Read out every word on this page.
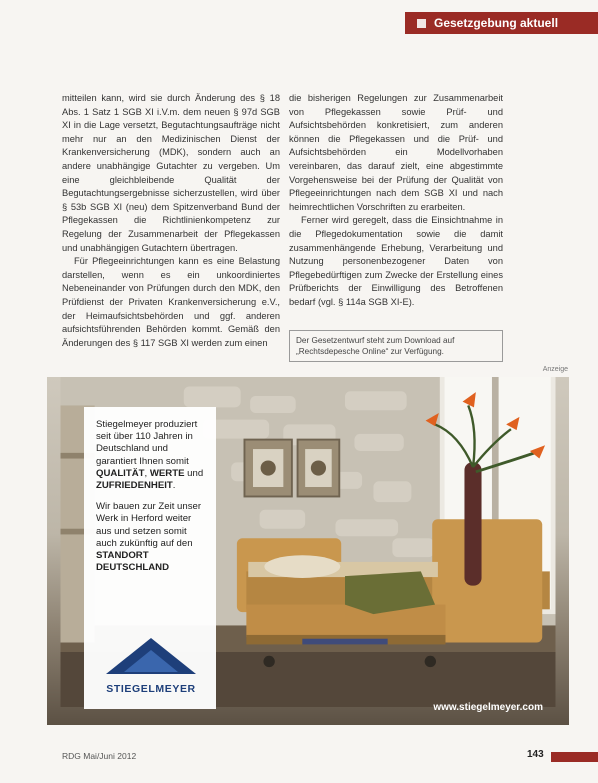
Gesetzgebung aktuell

mitteilen kann, wird sie durch Änderung des § 18 Abs. 1 Satz 1 SGB XI i.V.m. dem neuen § 97d SGB XI in die Lage versetzt, Begutachtungsaufträge nicht mehr nur an den Medizinischen Dienst der Krankenversicherung (MDK), sondern auch an andere unabhängige Gutachter zu vergeben. Um eine gleichbleibende Qualität der Begutachtungsergebnisse sicherzustellen, wird über § 53b SGB XI (neu) dem Spitzenverband Bund der Pflegekassen die Richtlinienkompetenz zur Regelung der Zusammenarbeit der Pflegekassen und unabhängigen Gutachtern übertragen.

Für Pflegeeinrichtungen kann es eine Belastung darstellen, wenn es ein unkoordiniertes Nebeneinander von Prüfungen durch den MDK, den Prüfdienst der Privaten Krankenversicherung e.V., der Heimaufsichtsbehörden und ggf. anderen aufsichtsführenden Behörden kommt. Gemäß den Änderungen des § 117 SGB XI werden zum einen

die bisherigen Regelungen zur Zusammenarbeit von Pflegekassen sowie Prüf- und Aufsichtsbehörden konkretisiert, zum anderen können die Pflegekassen und die Prüf- und Aufsichtsbehörden ein Modellvorhaben vereinbaren, das darauf zielt, eine abgestimmte Vorgehensweise bei der Prüfung der Qualität von Pflegeeinrichtungen nach dem SGB XI und nach heimrechtlichen Vorschriften zu erarbeiten.

Ferner wird geregelt, dass die Einsichtnahme in die Pflegedokumentation sowie die damit zusammenhängende Erhebung, Verarbeitung und Nutzung personenbezogener Daten von Pflegebedürftigen zum Zwecke der Erstellung eines Prüfberichts der Einwilligung des Betroffenen bedarf (vgl. § 114a SGB XI-E).

Der Gesetzentwurf steht zum Download auf „Rechtsdepesche Online“ zur Verfügung.
Anzeige

Stiegelmeyer produziert seit über 110 Jahren in Deutschland und garantiert Ihnen somit QUALITÄT, WERTE und ZUFRIEDENHEIT.

Wir bauen zur Zeit unser Werk in Herford weiter aus und setzen somit auch zukünftig auf den STANDORT DEUTSCHLAND

STIEGELMEYER
www.stiegelmeyer.com
RDG Mai/Juni 2012	143
